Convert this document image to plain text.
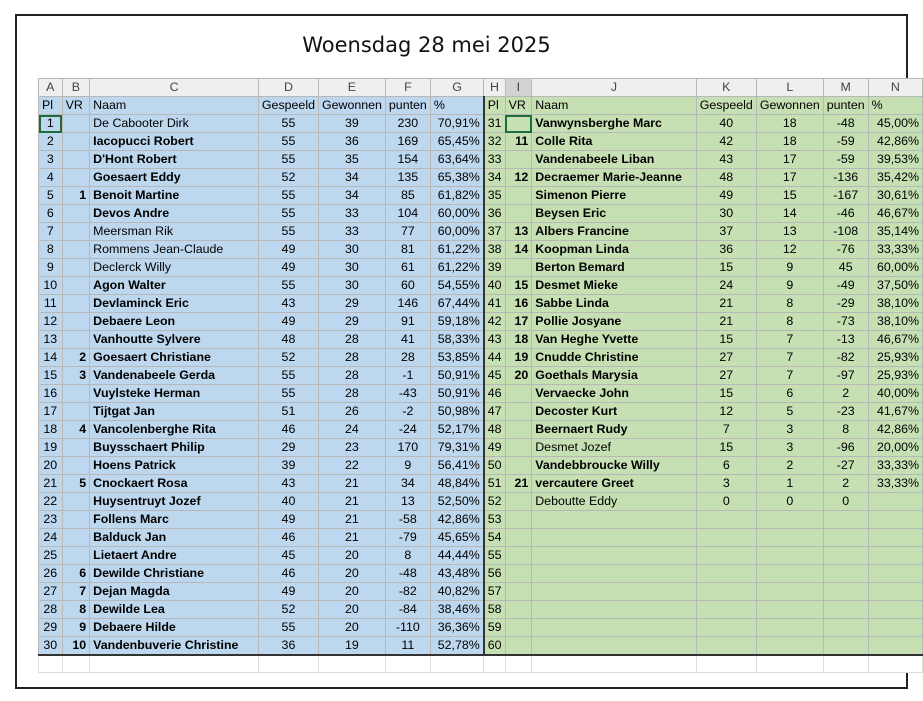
Woensdag 28 mei 2025
A	B	C	D	E	F	G	H	I	J	K	L	M	N
Pl	VR	Naam	Gespeeld	Gewonnen	punten	%	Pl	VR	Naam	Gespeeld	Gewonnen	punten	%
1		De Cabooter Dirk	55	39	230	70,91%	31		Vanwynsberghe Marc	40	18	-48	45,00%
2		Iacopucci Robert	55	36	169	65,45%	32	11	Colle Rita	42	18	-59	42,86%
3		D'Hont Robert	55	35	154	63,64%	33		Vandenabeele Liban	43	17	-59	39,53%
4		Goesaert Eddy	52	34	135	65,38%	34	12	Decraemer Marie-Jeanne	48	17	-136	35,42%
5	1	Benoit Martine	55	34	85	61,82%	35		Simenon Pierre	49	15	-167	30,61%
6		Devos Andre	55	33	104	60,00%	36		Beysen Eric	30	14	-46	46,67%
7		Meersman Rik	55	33	77	60,00%	37	13	Albers Francine	37	13	-108	35,14%
8		Rommens Jean-Claude	49	30	81	61,22%	38	14	Koopman Linda	36	12	-76	33,33%
9		Declerck Willy	49	30	61	61,22%	39		Berton Bemard	15	9	45	60,00%
10		Agon Walter	55	30	60	54,55%	40	15	Desmet Mieke	24	9	-49	37,50%
11		Devlaminck Eric	43	29	146	67,44%	41	16	Sabbe Linda	21	8	-29	38,10%
12		Debaere Leon	49	29	91	59,18%	42	17	Pollie Josyane	21	8	-73	38,10%
13		Vanhoutte Sylvere	48	28	41	58,33%	43	18	Van Heghe Yvette	15	7	-13	46,67%
14	2	Goesaert Christiane	52	28	28	53,85%	44	19	Cnudde Christine	27	7	-82	25,93%
15	3	Vandenabeele Gerda	55	28	-1	50,91%	45	20	Goethals Marysia	27	7	-97	25,93%
16		Vuylsteke Herman	55	28	-43	50,91%	46		Vervaecke John	15	6	2	40,00%
17		Tijtgat Jan	51	26	-2	50,98%	47		Decoster Kurt	12	5	-23	41,67%
18	4	Vancolenberghe Rita	46	24	-24	52,17%	48		Beernaert Rudy	7	3	8	42,86%
19		Buysschaert Philip	29	23	170	79,31%	49		Desmet Jozef	15	3	-96	20,00%
20		Hoens Patrick	39	22	9	56,41%	50		Vandebbroucke Willy	6	2	-27	33,33%
21	5	Cnockaert Rosa	43	21	34	48,84%	51	21	vercautere Greet	3	1	2	33,33%
22		Huysentruyt Jozef	40	21	13	52,50%	52		Deboutte Eddy	0	0	0	
23		Follens Marc	49	21	-58	42,86%	53						
24		Balduck Jan	46	21	-79	45,65%	54						
25		Lietaert Andre	45	20	8	44,44%	55						
26	6	Dewilde Christiane	46	20	-48	43,48%	56						
27	7	Dejan Magda	49	20	-82	40,82%	57						
28	8	Dewilde Lea	52	20	-84	38,46%	58						
29	9	Debaere Hilde	55	20	-110	36,36%	59						
30	10	Vandenbuverie Christine	36	19	11	52,78%	60						
